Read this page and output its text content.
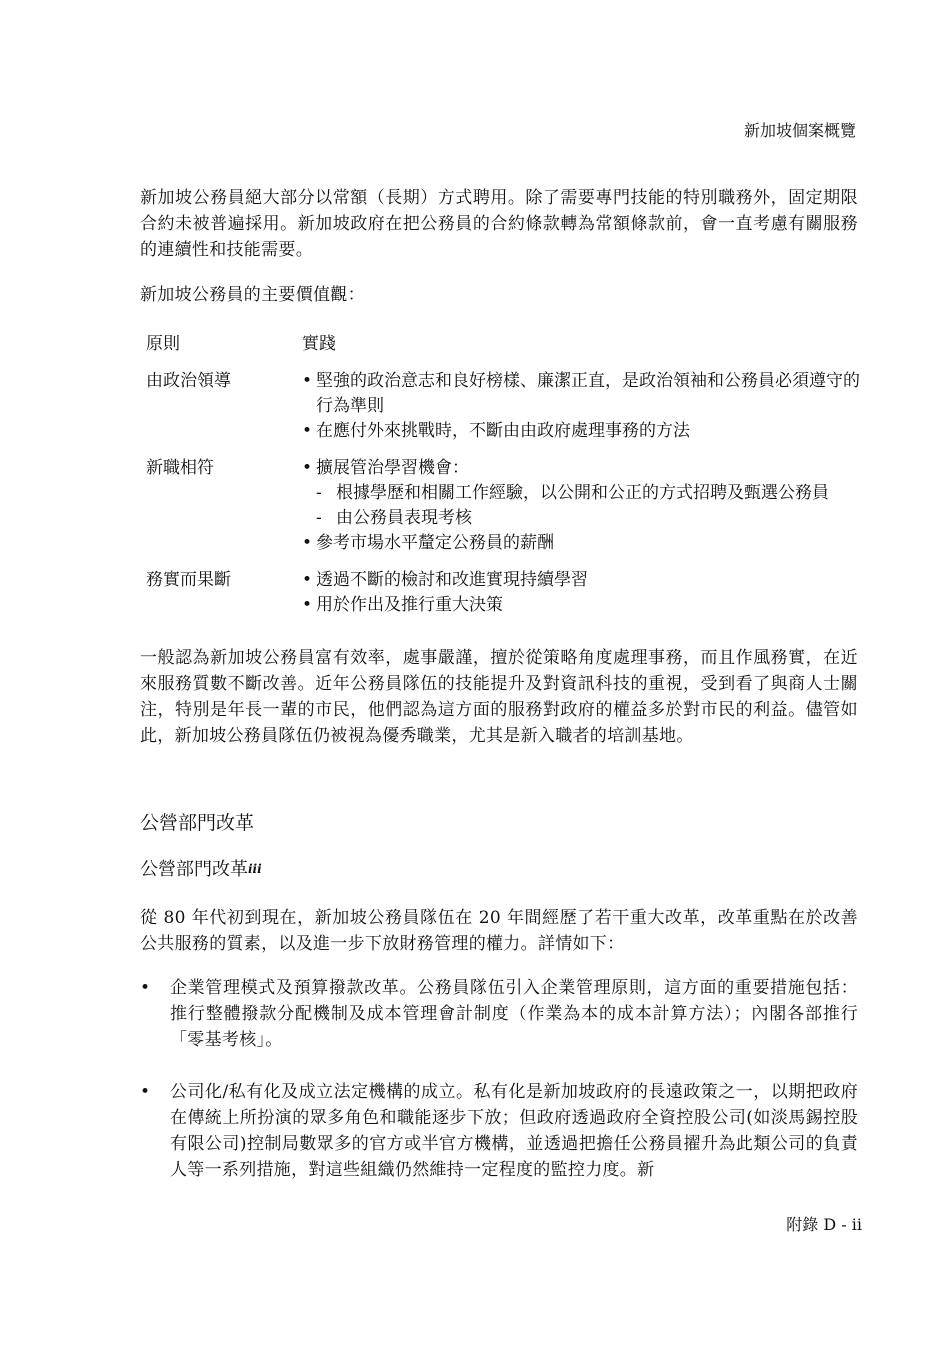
新加坡個案概覽

新加坡公務員絕大部分以常額（長期）方式聘用。除了需要專門技能的特別職務外，固定期限合約未被普遍採用。新加坡政府在把公務員的合約條款轉為常額條款前，會一直考慮有關服務的連續性和技能需要。

新加坡公務員的主要價值觀：

原則	實踐
由政治領導	• 堅強的政治意志和良好榜樣、廉潔正直，是政治領袖和公務員必須遵守的行為準則
• 在應付外來挑戰時，不斷由由政府處理事務的方法
新職相符	• 擴展管治學習機會：
- 根據學歷和相關工作經驗，以公開和公正的方式招聘及甄選公務員
- 由公務員表現考核
• 參考市場水平釐定公務員的薪酬
務實而果斷	• 透過不斷的檢討和改進實現持續學習
• 用於作出及推行重大決策

一般認為新加坡公務員富有效率，處事嚴謹，擅於從策略角度處理事務，而且作風務實，在近來服務質數不斷改善。近年公務員隊伍的技能提升及對資訊科技的重視，受到看了與商人士關注，特別是年長一輩的市民，他們認為這方面的服務對政府的權益多於對市民的利益。儘管如此，新加坡公務員隊伍仍被視為優秀職業，尤其是新入職者的培訓基地。

公營部門改革
公營部門改革$^{iii}$

從 80 年代初到現在，新加坡公務員隊伍在 20 年間經歷了若干重大改革，改革重點在於改善公共服務的質素，以及進一步下放財務管理的權力。詳情如下：

•	企業管理模式及預算撥款改革。公務員隊伍引入企業管理原則，這方面的重要措施包括：推行整體撥款分配機制及成本管理會計制度（作業為本的成本計算方法）；內閣各部推行「零基考核」。
•	公司化/私有化及成立法定機構的成立。私有化是新加坡政府的長遠政策之一，以期把政府在傳統上所扮演的眾多角色和職能逐步下放；但政府透過政府全資控股公司(如淡馬錫控股有限公司)控制局數眾多的官方或半官方機構，並透過把擔任公務員擢升為此類公司的負責人等一系列措施，對這些組織仍然維持一定程度的監控力度。新
附錄 D - ii
